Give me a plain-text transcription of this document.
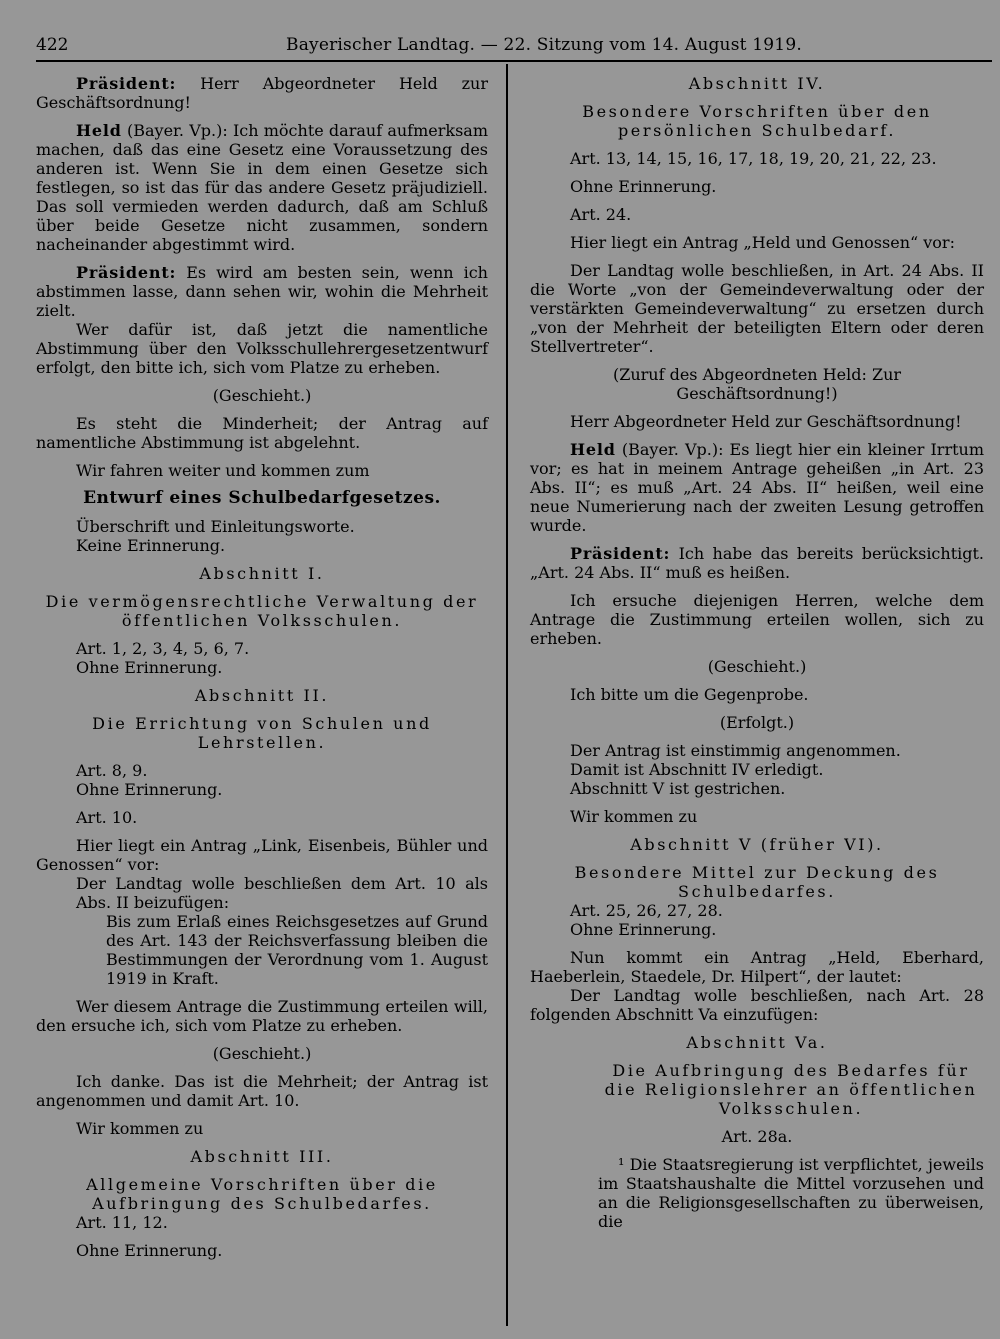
422	Bayerischer Landtag. — 22. Sitzung vom 14. August 1919.

Präsident: Herr Abgeordneter Held zur Geschäftsordnung!

Held (Bayer. Vp.): Ich möchte darauf aufmerksam machen, daß das eine Gesetz eine Voraussetzung des anderen ist. Wenn Sie in dem einen Gesetze sich festlegen, so ist das für das andere Gesetz präjudiziell. Das soll vermieden werden dadurch, daß am Schluß über beide Gesetze nicht zusammen, sondern nacheinander abgestimmt wird.

Präsident: Es wird am besten sein, wenn ich abstimmen lasse, dann sehen wir, wohin die Mehrheit zielt.

Wer dafür ist, daß jetzt die namentliche Abstimmung über den Volksschullehrergesetzentwurf erfolgt, den bitte ich, sich vom Platze zu erheben.

(Geschieht.)

Es steht die Minderheit; der Antrag auf namentliche Abstimmung ist abgelehnt.

Wir fahren weiter und kommen zum

Entwurf eines Schulbedarfgesetzes.

Überschrift und Einleitungsworte.

Keine Erinnerung.

Abschnitt I.

Die vermögensrechtliche Verwaltung der öffentlichen Volksschulen.

Art. 1, 2, 3, 4, 5, 6, 7.

Ohne Erinnerung.

Abschnitt II.

Die Errichtung von Schulen und Lehrstellen.

Art. 8, 9.

Ohne Erinnerung.

Art. 10.

Hier liegt ein Antrag „Link, Eisenbeis, Bühler und Genossen“ vor:

Der Landtag wolle beschließen dem Art. 10 als Abs. II beizufügen:

Bis zum Erlaß eines Reichsgesetzes auf Grund des Art. 143 der Reichsverfassung bleiben die Bestimmungen der Verordnung vom 1. August 1919 in Kraft.

Wer diesem Antrage die Zustimmung erteilen will, den ersuche ich, sich vom Platze zu erheben.

(Geschieht.)

Ich danke. Das ist die Mehrheit; der Antrag ist angenommen und damit Art. 10.

Wir kommen zu

Abschnitt III.

Allgemeine Vorschriften über die Aufbringung des Schulbedarfes.

Art. 11, 12.

Ohne Erinnerung.

Abschnitt IV.

Besondere Vorschriften über den persönlichen Schulbedarf.

Art. 13, 14, 15, 16, 17, 18, 19, 20, 21, 22, 23.

Ohne Erinnerung.

Art. 24.

Hier liegt ein Antrag „Held und Genossen“ vor:

Der Landtag wolle beschließen, in Art. 24 Abs. II die Worte „von der Gemeindeverwaltung oder der verstärkten Gemeindeverwaltung“ zu ersetzen durch „von der Mehrheit der beteiligten Eltern oder deren Stellvertreter“.

(Zuruf des Abgeordneten Held: Zur Geschäftsordnung!)

Herr Abgeordneter Held zur Geschäftsordnung!

Held (Bayer. Vp.): Es liegt hier ein kleiner Irrtum vor; es hat in meinem Antrage geheißen „in Art. 23 Abs. II“; es muß „Art. 24 Abs. II“ heißen, weil eine neue Numerierung nach der zweiten Lesung getroffen wurde.

Präsident: Ich habe das bereits berücksichtigt. „Art. 24 Abs. II“ muß es heißen.

Ich ersuche diejenigen Herren, welche dem Antrage die Zustimmung erteilen wollen, sich zu erheben.

(Geschieht.)

Ich bitte um die Gegenprobe.

(Erfolgt.)

Der Antrag ist einstimmig angenommen.

Damit ist Abschnitt IV erledigt.

Abschnitt V ist gestrichen.

Wir kommen zu

Abschnitt V (früher VI).

Besondere Mittel zur Deckung des Schulbedarfes.

Art. 25, 26, 27, 28.

Ohne Erinnerung.

Nun kommt ein Antrag „Held, Eberhard, Haeberlein, Staedele, Dr. Hilpert“, der lautet:

Der Landtag wolle beschließen, nach Art. 28 folgenden Abschnitt Va einzufügen:

Abschnitt Va.

Die Aufbringung des Bedarfes für die Religionslehrer an öffentlichen Volksschulen.

Art. 28a.

¹ Die Staatsregierung ist verpflichtet, jeweils im Staatshaushalte die Mittel vorzusehen und an die Religionsgesellschaften zu überweisen, die
